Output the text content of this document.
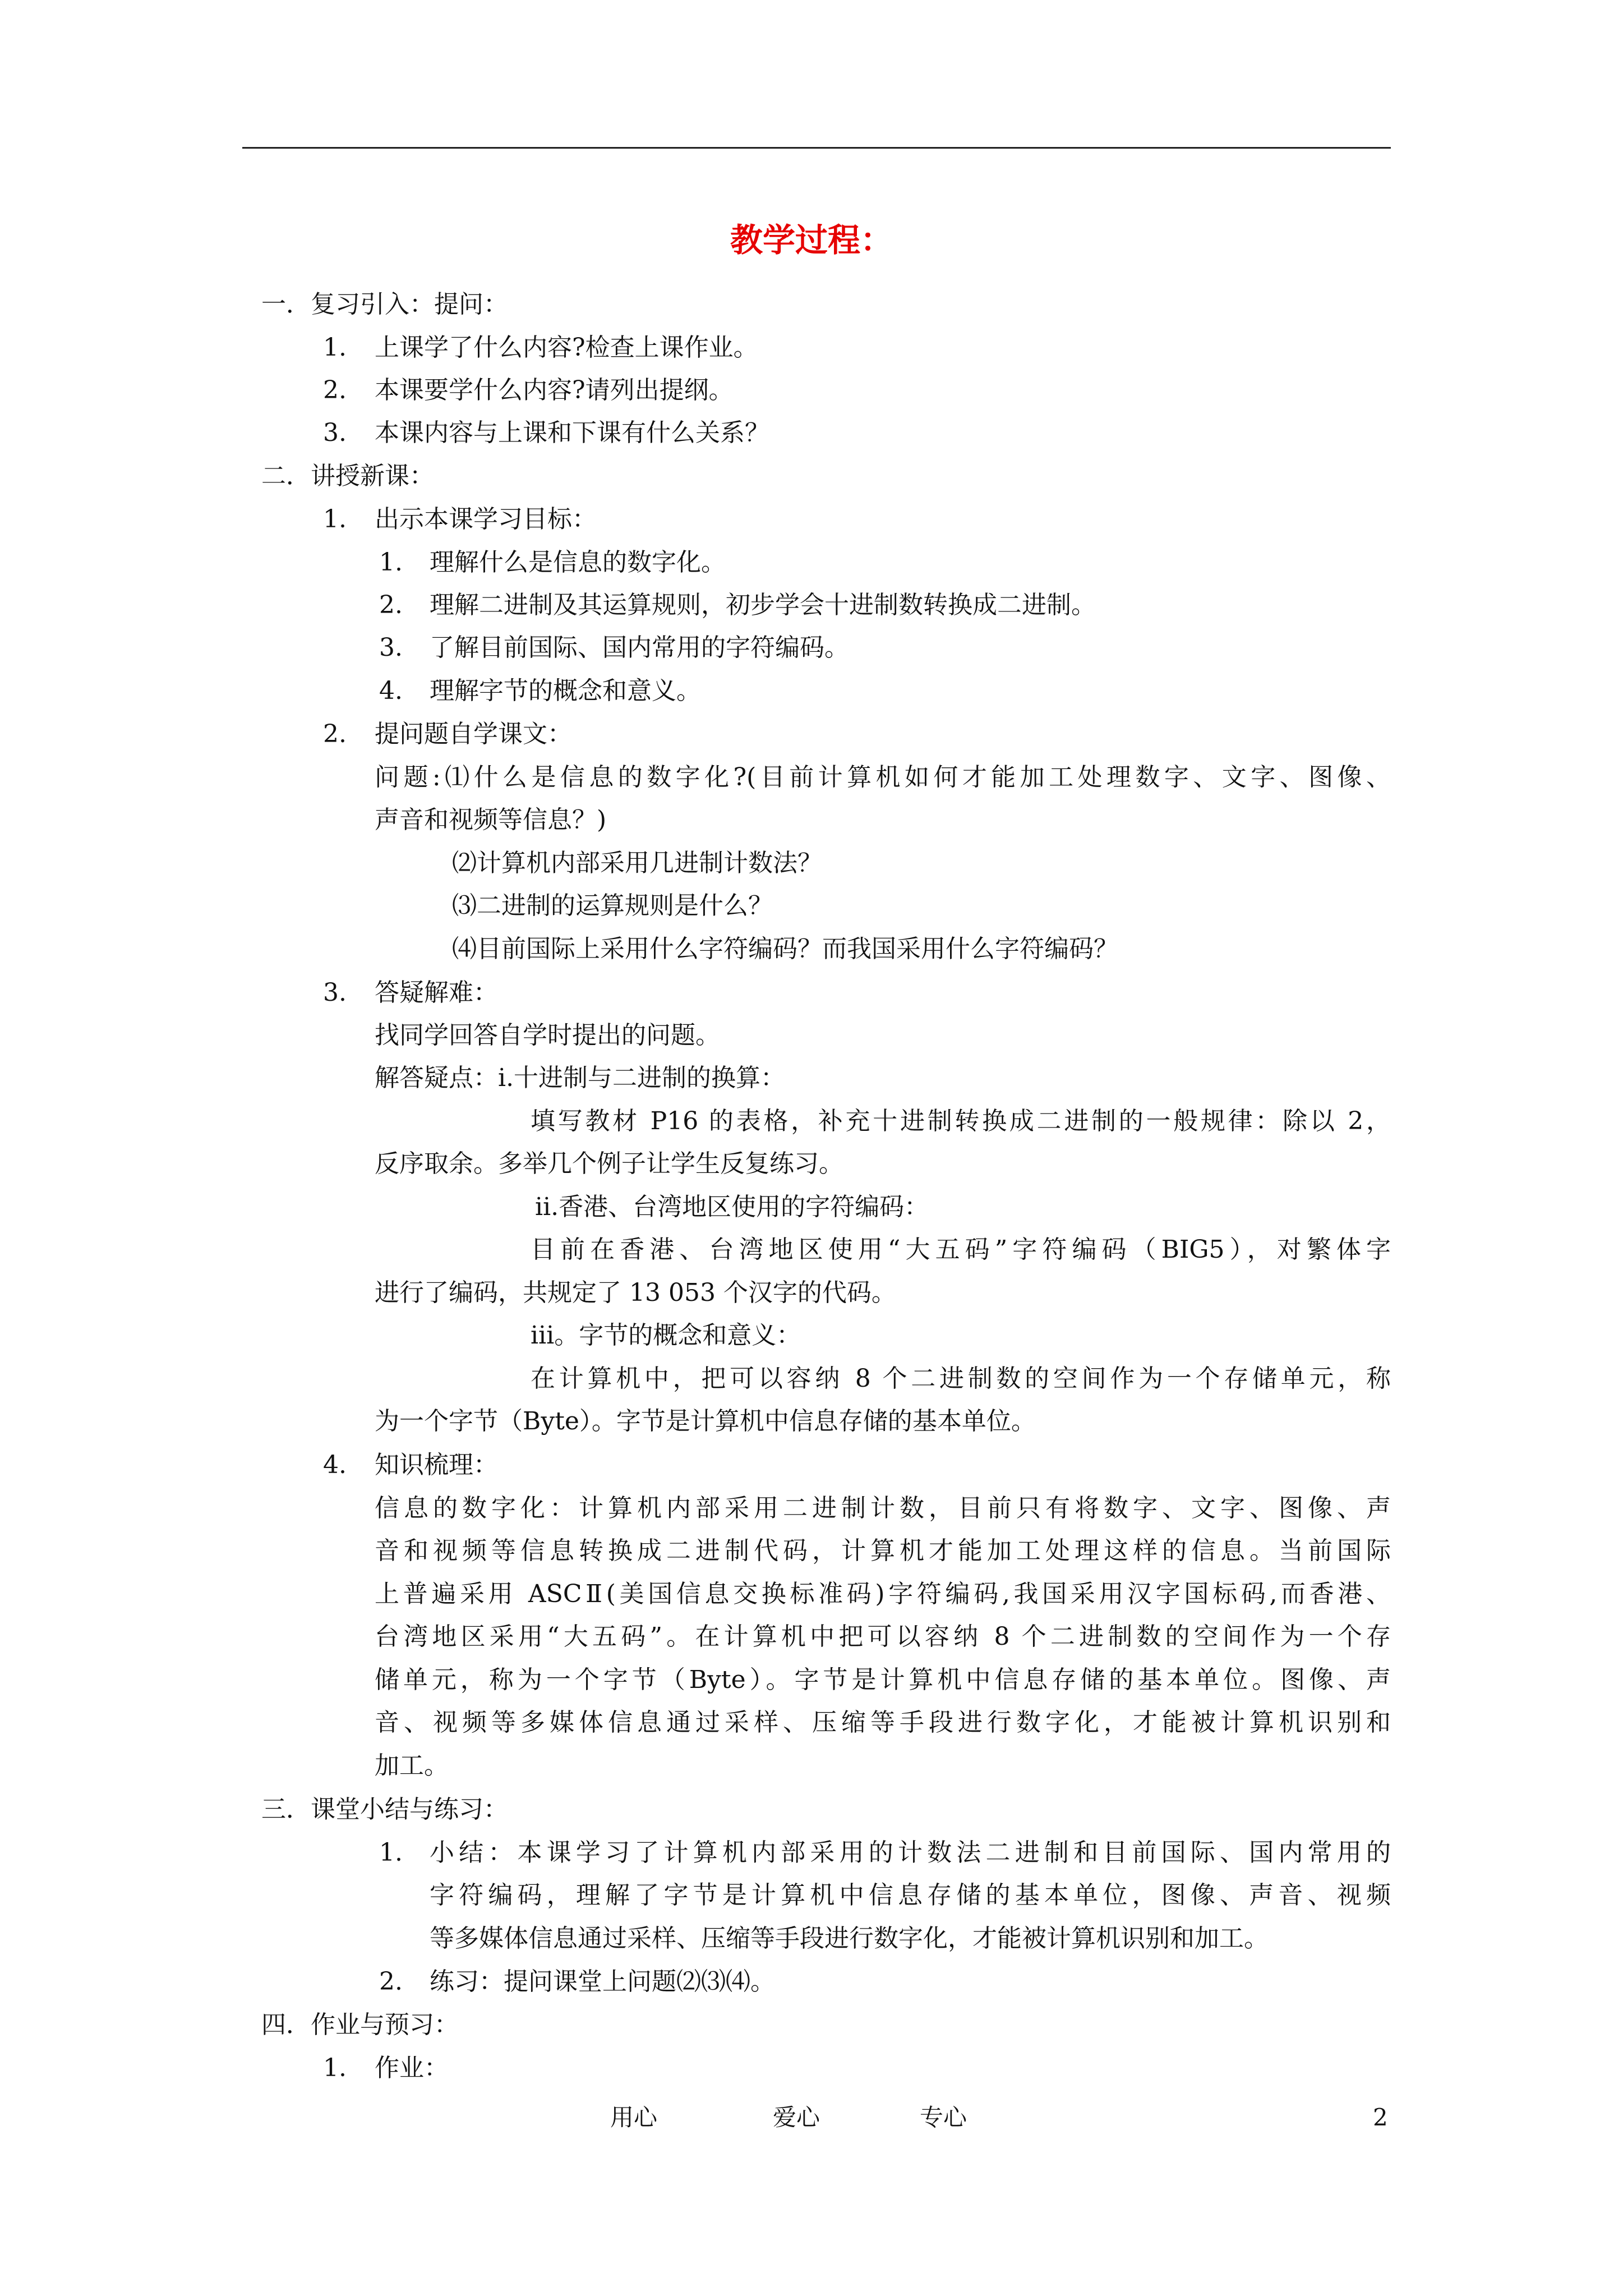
教学过程：
一．复习引入：提问：
1. 上课学了什么内容?检查上课作业。
2. 本课要学什么内容?请列出提纲。
3. 本课内容与上课和下课有什么关系？
二．讲授新课：
1. 出示本课学习目标：
1. 理解什么是信息的数字化。
2. 理解二进制及其运算规则，初步学会十进制数转换成二进制。
3. 了解目前国际、国内常用的字符编码。
4. 理解字节的概念和意义。
2. 提问题自学课文：
问题:⑴什么是信息的数字化?(目前计算机如何才能加工处理数字、文字、图像、
声音和视频等信息？)
⑵计算机内部采用几进制计数法？
⑶二进制的运算规则是什么？
⑷目前国际上采用什么字符编码？而我国采用什么字符编码？
3. 答疑解难：
找同学回答自学时提出的问题。
解答疑点：ⅰ.十进制与二进制的换算：
填写教材 P16 的表格，补充十进制转换成二进制的一般规律：除以 2，
反序取余。多举几个例子让学生反复练习。
ⅱ.香港、台湾地区使用的字符编码：
目前在香港、台湾地区使用“大五码”字符编码（BIG5），对繁体字
进行了编码，共规定了 13 053 个汉字的代码。
ⅲ。字节的概念和意义：
在计算机中，把可以容纳 8 个二进制数的空间作为一个存储单元，称
为一个字节（Byte）。字节是计算机中信息存储的基本单位。
4. 知识梳理：
信息的数字化：计算机内部采用二进制计数，目前只有将数字、文字、图像、声
音和视频等信息转换成二进制代码，计算机才能加工处理这样的信息。当前国际
上普遍采用 ASCⅡ(美国信息交换标准码)字符编码,我国采用汉字国标码,而香港、
台湾地区采用“大五码”。在计算机中把可以容纳 8 个二进制数的空间作为一个存
储单元，称为一个字节（Byte）。字节是计算机中信息存储的基本单位。图像、声
音、视频等多媒体信息通过采样、压缩等手段进行数字化，才能被计算机识别和
加工。
三．课堂小结与练习：
1. 小结：本课学习了计算机内部采用的计数法二进制和目前国际、国内常用的
字符编码，理解了字节是计算机中信息存储的基本单位，图像、声音、视频
等多媒体信息通过采样、压缩等手段进行数字化，才能被计算机识别和加工。
2. 练习：提问课堂上问题⑵⑶⑷。
四．作业与预习：
1. 作业：
用心	爱心	专心	2
